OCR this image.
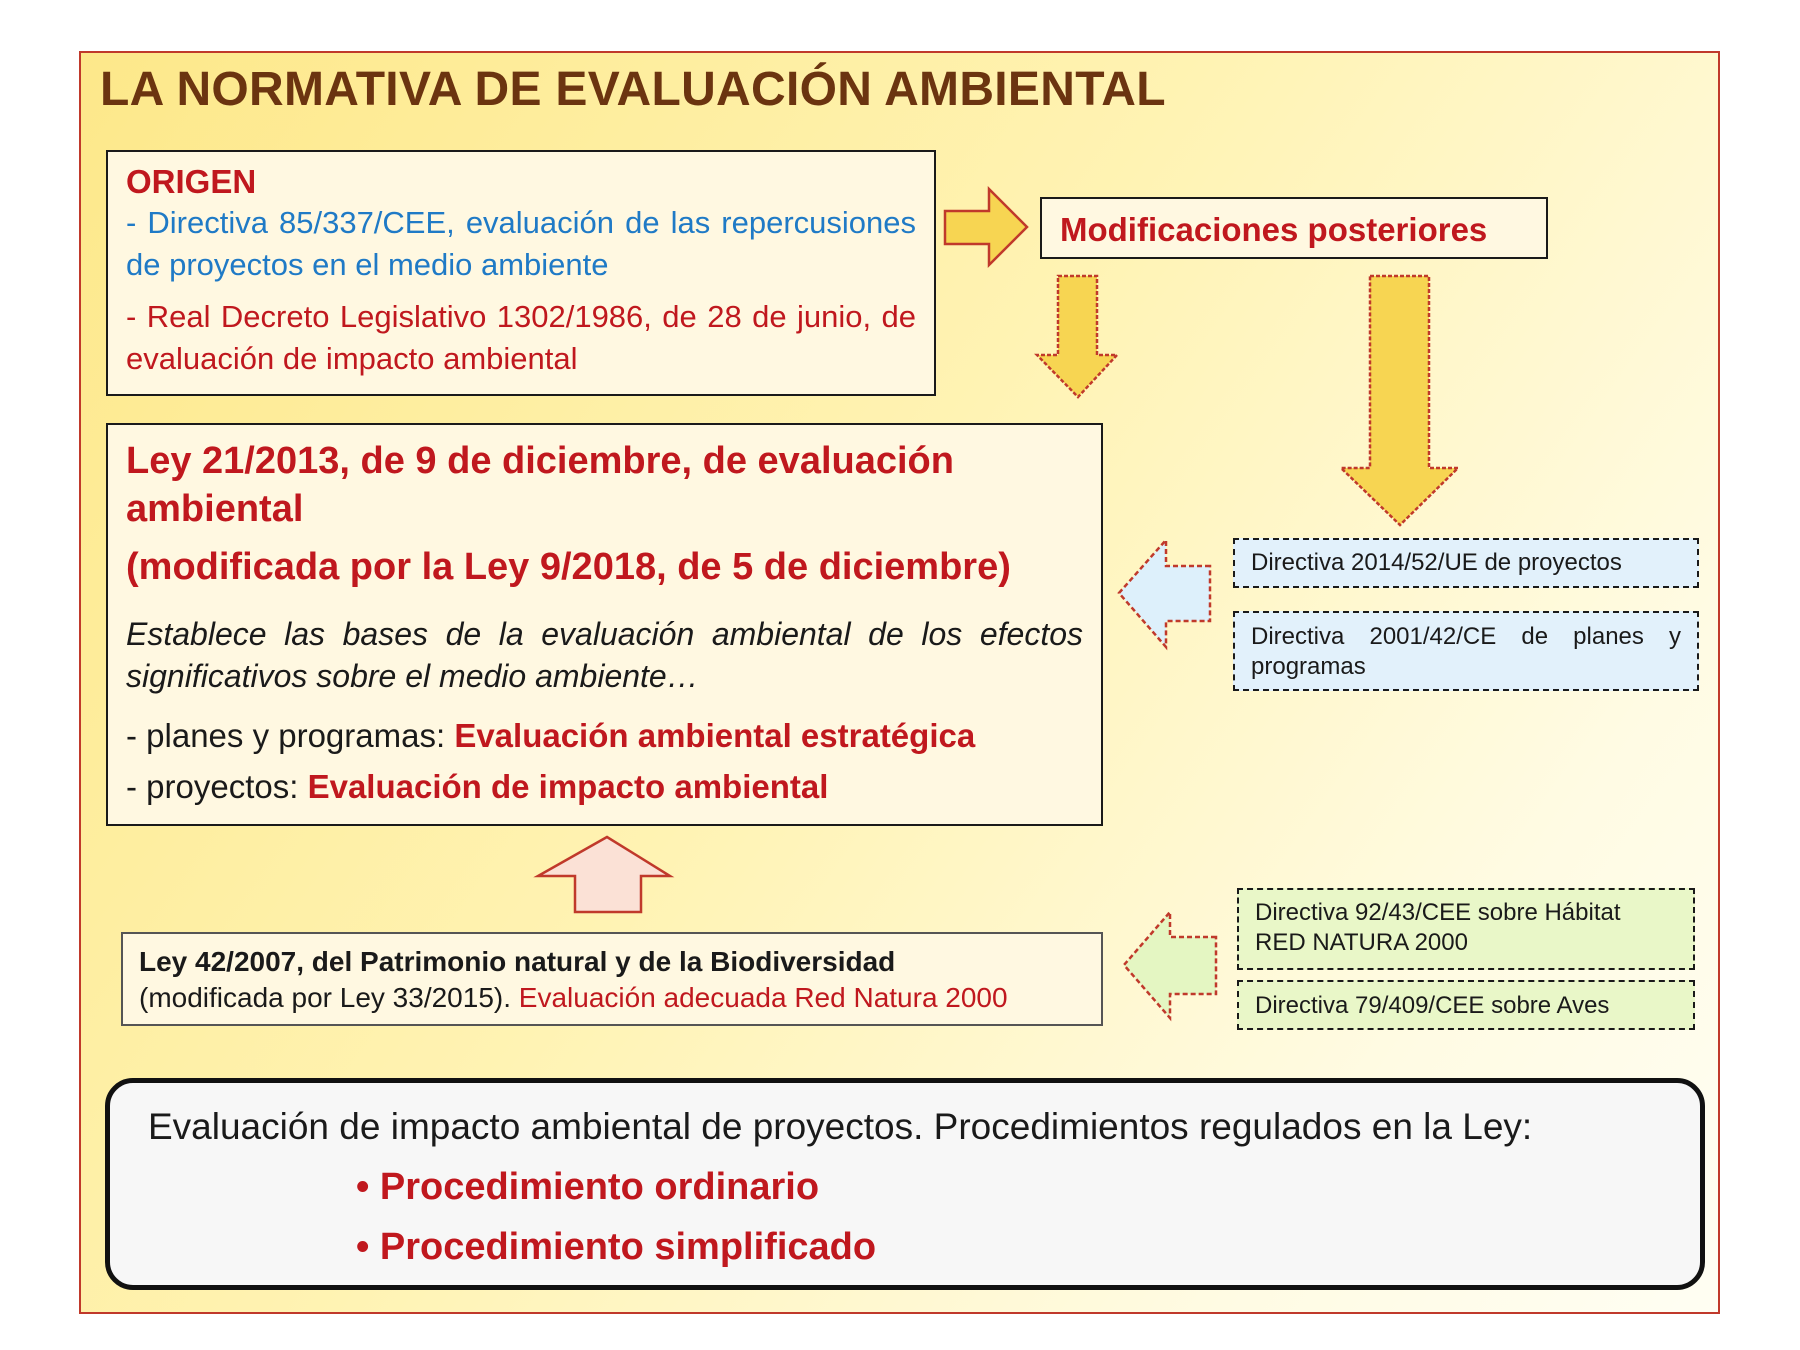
LA NORMATIVA DE EVALUACIÓN AMBIENTAL
ORIGEN
- Directiva 85/337/CEE, evaluación de las repercusiones de proyectos en el medio ambiente
- Real Decreto Legislativo 1302/1986, de 28 de junio, de evaluación de impacto ambiental
Modificaciones posteriores
Ley 21/2013, de 9 de diciembre, de evaluación ambiental
(modificada por la Ley 9/2018, de 5 de diciembre)
Establece las bases de la evaluación ambiental de los efectos significativos sobre el medio ambiente…
- planes y programas: Evaluación ambiental estratégica
- proyectos: Evaluación de impacto ambiental
Ley 42/2007, del Patrimonio natural y de la Biodiversidad
(modificada por Ley 33/2015). Evaluación adecuada Red Natura 2000
Directiva 2014/52/UE de proyectos
Directiva 2001/42/CE de planes y programas
Directiva 92/43/CEE sobre Hábitat RED NATURA 2000
Directiva 79/409/CEE sobre Aves
Evaluación de impacto ambiental de proyectos. Procedimientos regulados en la Ley:
• Procedimiento ordinario
• Procedimiento simplificado
